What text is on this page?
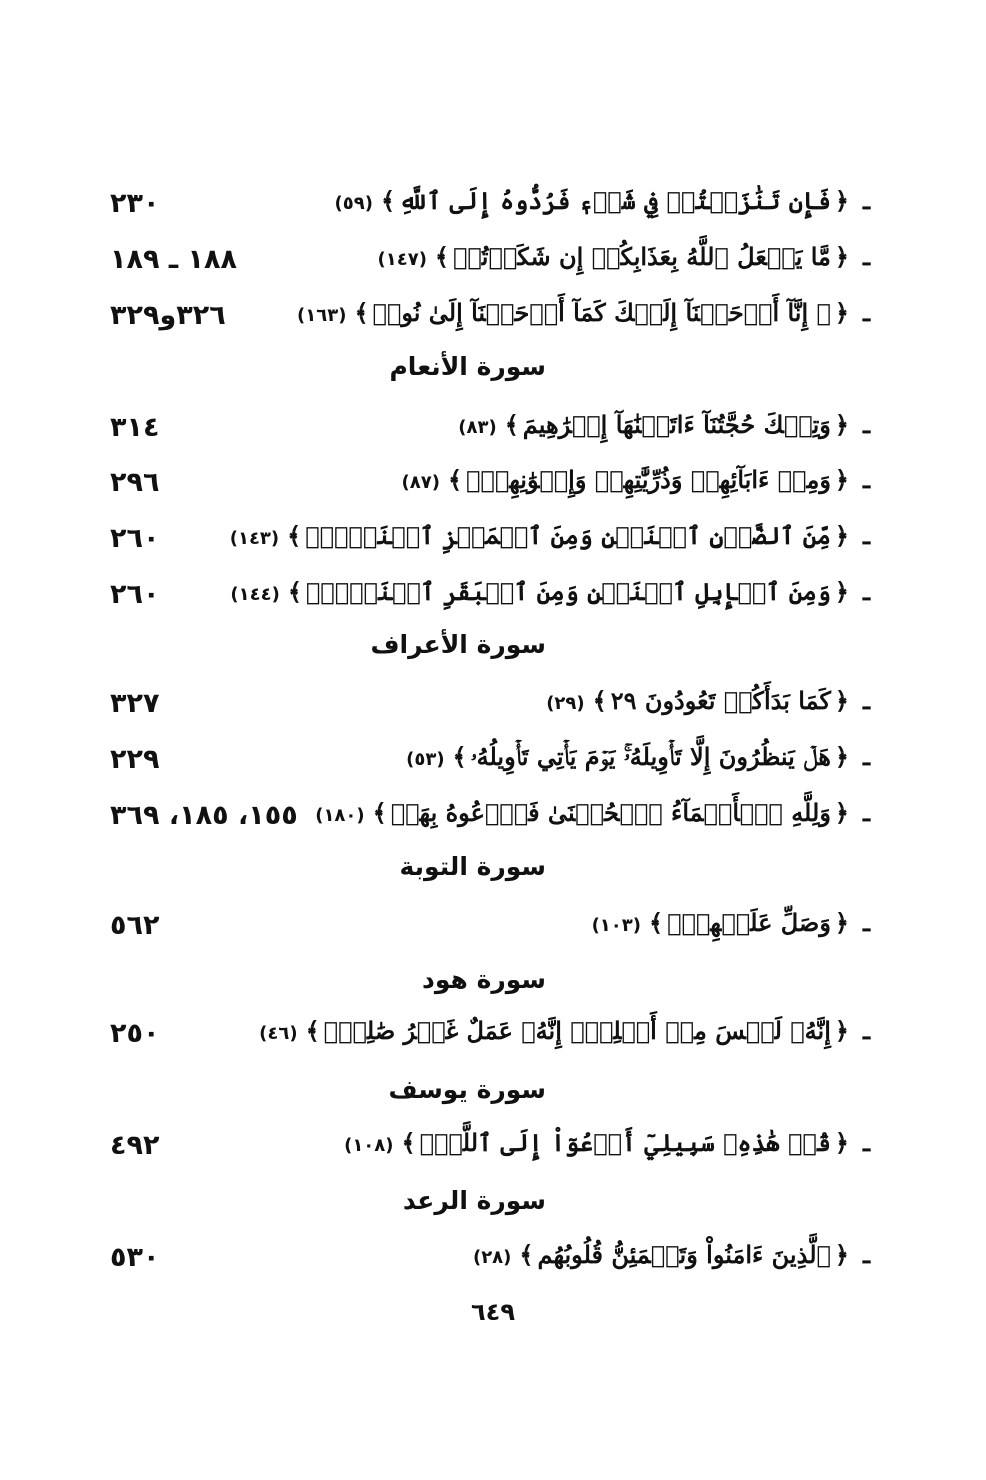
٢٣٠	ـ﴿فَإِن تَنَٰزَعۡتُمۡ فِي شَيۡءٖ فَرُدُّوهُ إِلَى ٱللَّهِ﴾(٥٩)
١٨٨ ـ ١٨٩	ـ﴿مَّا يَفۡعَلُ ٱللَّهُ بِعَذَابِكُمۡ إِن شَكَرۡتُمۡ﴾(١٤٧)
٣٢٦و٣٢٩	ـ﴿۞ إِنَّآ أَوۡحَيۡنَآ إِلَيۡكَ كَمَآ أَوۡحَيۡنَآ إِلَىٰ نُوحٖ﴾(١٦٣)
سورة الأنعام
٣١٤	ـ﴿وَتِلۡكَ حُجَّتُنَآ ءَاتَيۡنَٰهَآ إِبۡرَٰهِيمَ﴾(٨٣)
٢٩٦	ـ﴿وَمِنۡ ءَابَآئِهِمۡ وَذُرِّيَّٰتِهِمۡ وَإِخۡوَٰنِهِمۡۖ﴾(٨٧)
٢٦٠	ـ﴿مِّنَ ٱلضَّأۡنِ ٱثۡنَيۡنِ وَمِنَ ٱلۡمَعۡزِ ٱثۡنَيۡنِۗ﴾(١٤٣)
٢٦٠	ـ﴿وَمِنَ ٱلۡإِبِلِ ٱثۡنَيۡنِ وَمِنَ ٱلۡبَقَرِ ٱثۡنَيۡنِۗ﴾(١٤٤)
سورة الأعراف
٣٢٧	ـ﴿كَمَا بَدَأَكُمۡ تَعُودُونَ ٢٩﴾(٢٩)
٢٢٩	ـ﴿هَلۡ يَنظُرُونَ إِلَّا تَأۡوِيلَهُۥۚ يَوۡمَ يَأۡتِي تَأۡوِيلُهُۥ﴾(٥٣)
١٥٥، ١٨٥، ٣٦٩	ـ﴿وَلِلَّهِ ٱلۡأَسۡمَآءُ ٱلۡحُسۡنَىٰ فَٱدۡعُوهُ بِهَاۖ﴾(١٨٠)
سورة التوبة
٥٦٢	ـ﴿وَصَلِّ عَلَيۡهِمۡۖ﴾(١٠٣)
سورة هود
٢٥٠	ـ﴿إِنَّهُۥ لَيۡسَ مِنۡ أَهۡلِكَۖ إِنَّهُۥ عَمَلٌ غَيۡرُ صَٰلِحٖۖ﴾(٤٦)
سورة يوسف
٤٩٢	ـ﴿قُلۡ هَٰذِهِۦ سَبِيلِيٓ أَدۡعُوٓاْ إِلَى ٱللَّهِۚ﴾(١٠٨)
سورة الرعد
٥٣٠	ـ﴿ٱلَّذِينَ ءَامَنُواْ وَتَطۡمَئِنُّ قُلُوبُهُم﴾(٢٨)
٦٤٩
